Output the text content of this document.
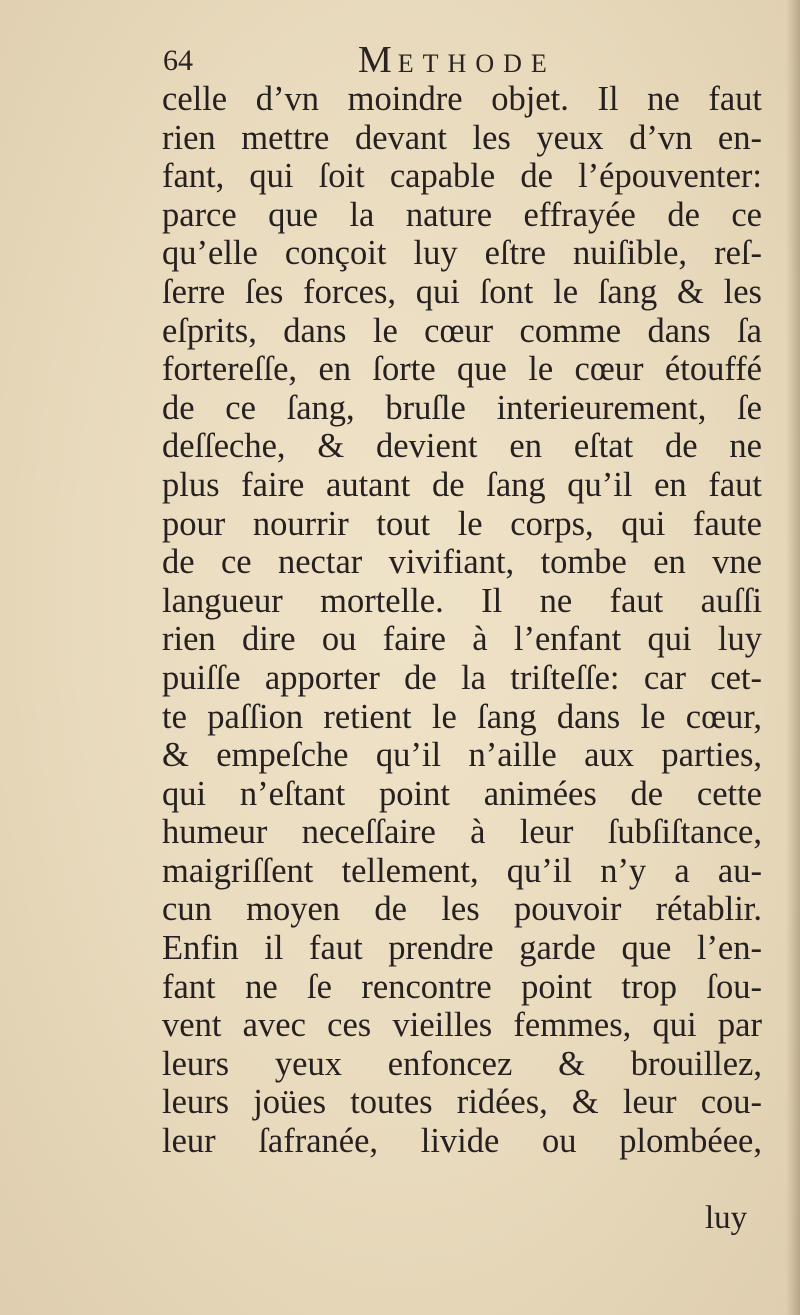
64	METHODE
celle d’vn moindre objet. Il ne faut
rien mettre devant les yeux d’vn en-
fant, qui ſoit capable de l’épouventer:
parce que la nature effrayée de ce
qu’elle conçoit luy eſtre nuiſible, reſ-
ſerre ſes forces, qui ſont le ſang & les
eſprits, dans le cœur comme dans ſa
fortereſſe, en ſorte que le cœur étouffé
de ce ſang, bruſle interieurement, ſe
deſſeche, & devient en eſtat de ne
plus faire autant de ſang qu’il en faut
pour nourrir tout le corps, qui faute
de ce nectar vivifiant, tombe en vne
langueur mortelle. Il ne faut auſſi
rien dire ou faire à l’enfant qui luy
puiſſe apporter de la triſteſſe: car cet-
te paſſion retient le ſang dans le cœur,
& empeſche qu’il n’aille aux parties,
qui n’eſtant point animées de cette
humeur neceſſaire à leur ſubſiſtance,
maigriſſent tellement, qu’il n’y a au-
cun moyen de les pouvoir rétablir.
Enfin il faut prendre garde que l’en-
fant ne ſe rencontre point trop ſou-
vent avec ces vieilles femmes, qui par
leurs yeux enfoncez & brouillez,
leurs joües toutes ridées, & leur cou-
leur ſafranée, livide ou plombéee,
luy
